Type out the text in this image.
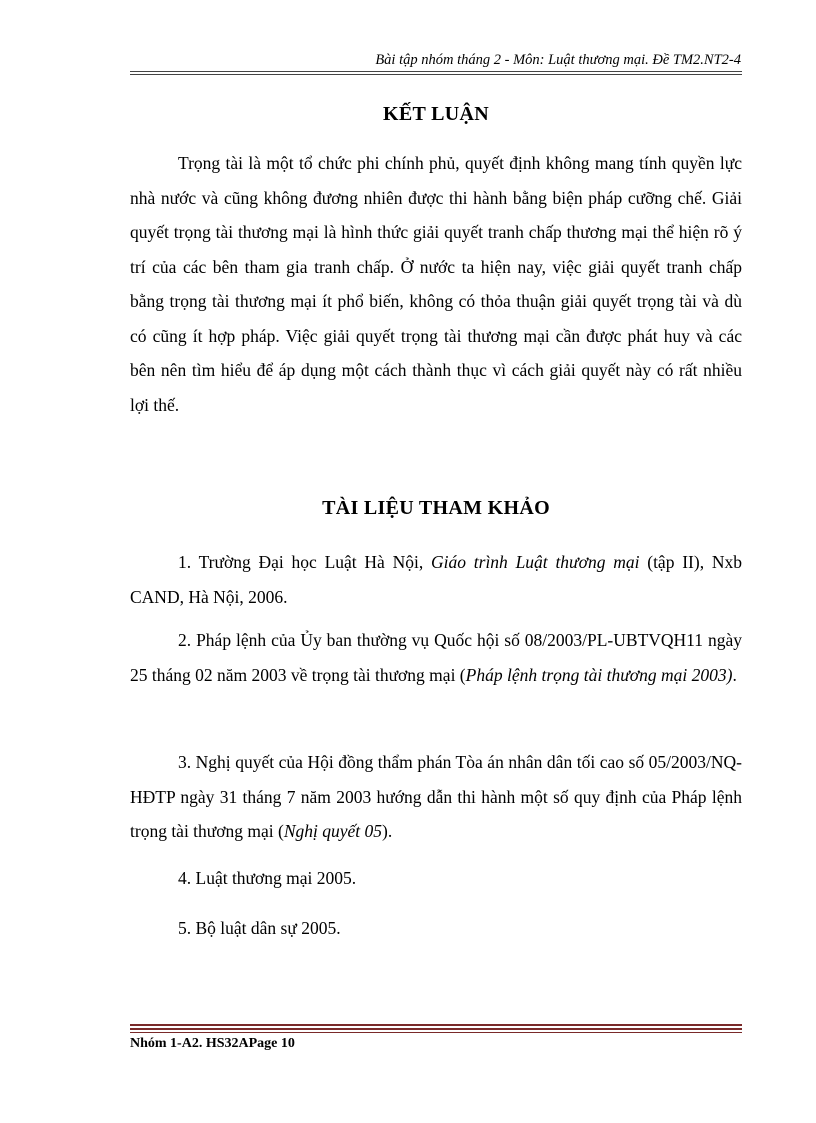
Bài tập nhóm tháng 2 - Môn: Luật thương mại. Đề TM2.NT2-4
KẾT LUẬN

Trọng tài là một tổ chức phi chính phủ, quyết định không mang tính quyền lực nhà nước và cũng không đương nhiên được thi hành bằng biện pháp cưỡng chế. Giải quyết trọng tài thương mại là hình thức giải quyết tranh chấp thương mại thể hiện rõ ý trí của các bên tham gia tranh chấp. Ở nước ta hiện nay, việc giải quyết tranh chấp bằng trọng tài thương mại ít phổ biến, không có thỏa thuận giải quyết trọng tài và dù có cũng ít hợp pháp. Việc giải quyết trọng tài thương mại cần được phát huy và các bên nên tìm hiểu để áp dụng một cách thành thục vì cách giải quyết này có rất nhiều lợi thế.

TÀI LIỆU THAM KHẢO

1. Trường Đại học Luật Hà Nội, Giáo trình Luật thương mại (tập II), Nxb CAND, Hà Nội, 2006.

2. Pháp lệnh của Ủy ban thường vụ Quốc hội số 08/2003/PL-UBTVQH11 ngày 25 tháng 02 năm 2003 về trọng tài thương mại (Pháp lệnh trọng tài thương mại 2003).

3. Nghị quyết của Hội đồng thẩm phán Tòa án nhân dân tối cao số 05/2003/NQ-HĐTP ngày 31 tháng 7 năm 2003 hướng dẫn thi hành một số quy định của Pháp lệnh trọng tài thương mại (Nghị quyết 05).

4. Luật thương mại 2005.

5. Bộ luật dân sự 2005.

Nhóm 1-A2. HS32APage 10
